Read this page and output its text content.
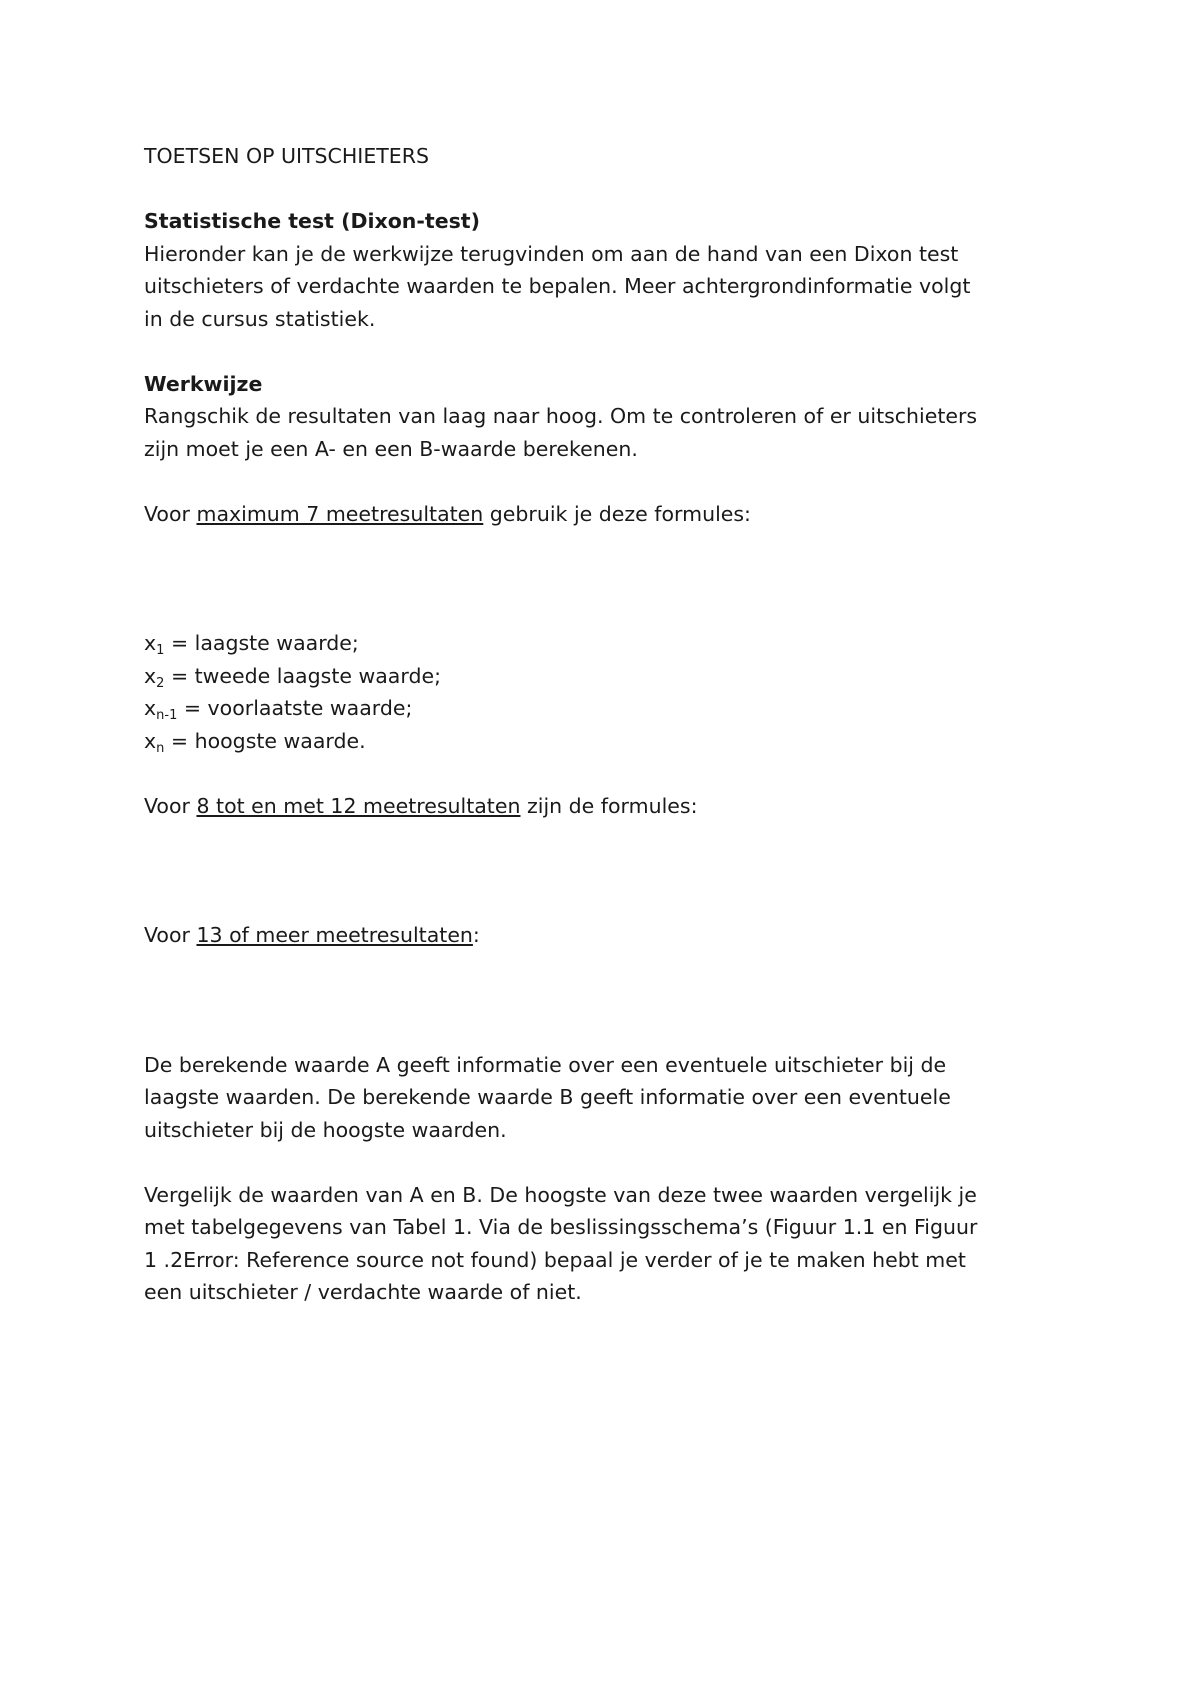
TOETSEN OP UITSCHIETERS
Statistische test (Dixon-test)
Hieronder kan je de werkwijze terugvinden om aan de hand van een Dixon test
uitschieters of verdachte waarden te bepalen. Meer achtergrondinformatie volgt
in de cursus statistiek.
Werkwijze
Rangschik de resultaten van laag naar hoog. Om te controleren of er uitschieters
zijn moet je een A- en een B-waarde berekenen.
Voor maximum 7 meetresultaten gebruik je deze formules:
$x_1$ = laagste waarde;
$x_2$ = tweede laagste waarde;
$x_{n-1}$ = voorlaatste waarde;
$x_n$ = hoogste waarde.
Voor 8 tot en met 12 meetresultaten zijn de formules:
Voor 13 of meer meetresultaten:
De berekende waarde A geeft informatie over een eventuele uitschieter bij de
laagste waarden. De berekende waarde B geeft informatie over een eventuele
uitschieter bij de hoogste waarden.
Vergelijk de waarden van A en B. De hoogste van deze twee waarden vergelijk je
met tabelgegevens van Tabel 1. Via de beslissingsschema’s (Figuur 1.1 en Figuur
1 .2Error: Reference source not found) bepaal je verder of je te maken hebt met
een uitschieter / verdachte waarde of niet.
